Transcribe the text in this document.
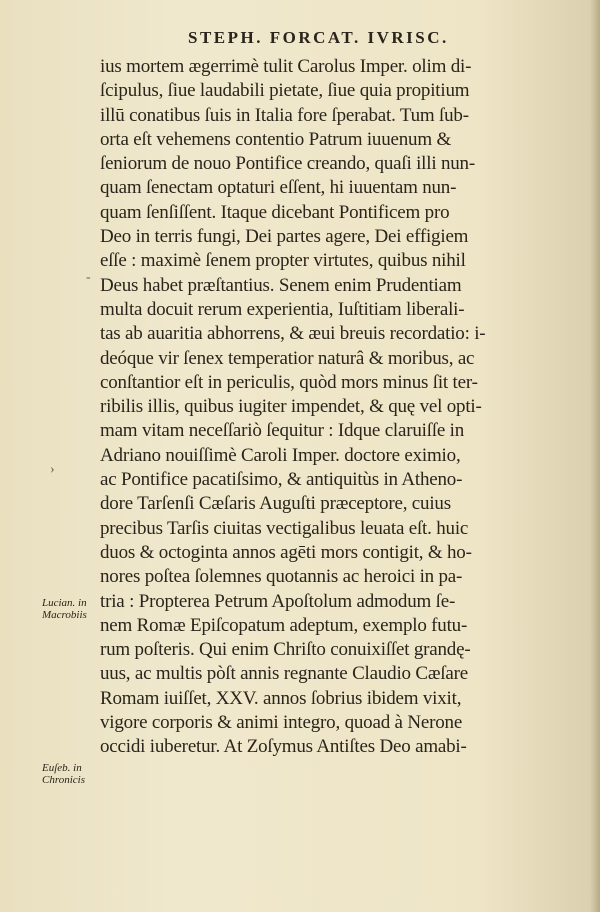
STEPH. FORCAT. IVRISC.
ius mortem ægerrimè tulit Carolus Imper. olim di-
ſcipulus, ſiue laudabili pietate, ſiue quia propitium
illū conatibus ſuis in Italia fore ſperabat. Tum ſub-
orta eſt vehemens contentio Patrum iuuenum &
ſeniorum de nouo Pontifice creando, quaſi illi nun-
quam ſenectam optaturi eſſent, hi iuuentam nun-
quam ſenſiſſent. Itaque dicebant Pontificem pro
Deo in terris fungi, Dei partes agere, Dei effigiem
eſſe : maximè ſenem propter virtutes, quibus nihil
Deus habet præſtantius. Senem enim Prudentiam
multa docuit rerum experientia, Iuſtitiam liberali-
tas ab auaritia abhorrens, & æui breuis recordatio: i-
deóque vir ſenex temperatior naturâ & moribus, ac
conſtantior eſt in periculis, quòd mors minus ſit ter-
ribilis illis, quibus iugiter impendet, & quę vel opti-
mam vitam neceſſariò ſequitur : Idque claruiſſe in
Adriano nouiſſimè Caroli Imper. doctore eximio,
ac Pontifice pacatiſsimo, & antiquitùs in Atheno-
dore Tarſenſi Cæſaris Auguſti præceptore, cuius
precibus Tarſis ciuitas vectigalibus leuata eſt. huic
duos & octoginta annos agēti mors contigit, & ho-
nores poſtea ſolemnes quotannis ac heroici in pa-
tria : Propterea Petrum Apoſtolum admodum ſe-
nem Romæ Epiſcopatum adeptum, exemplo futu-
rum poſteris. Qui enim Chriſto conuixiſſet grandę-
uus, ac multis pòſt annis regnante Claudio Cæſare
Romam iuiſſet, XXV. annos ſobrius ibidem vixit,
vigore corporis & animi integro, quoad à Nerone
occidi iuberetur. At Zoſymus Antiſtes Deo amabi-
Lucian. in Macrobiis
Euſeb. in Chronicis
-
›
